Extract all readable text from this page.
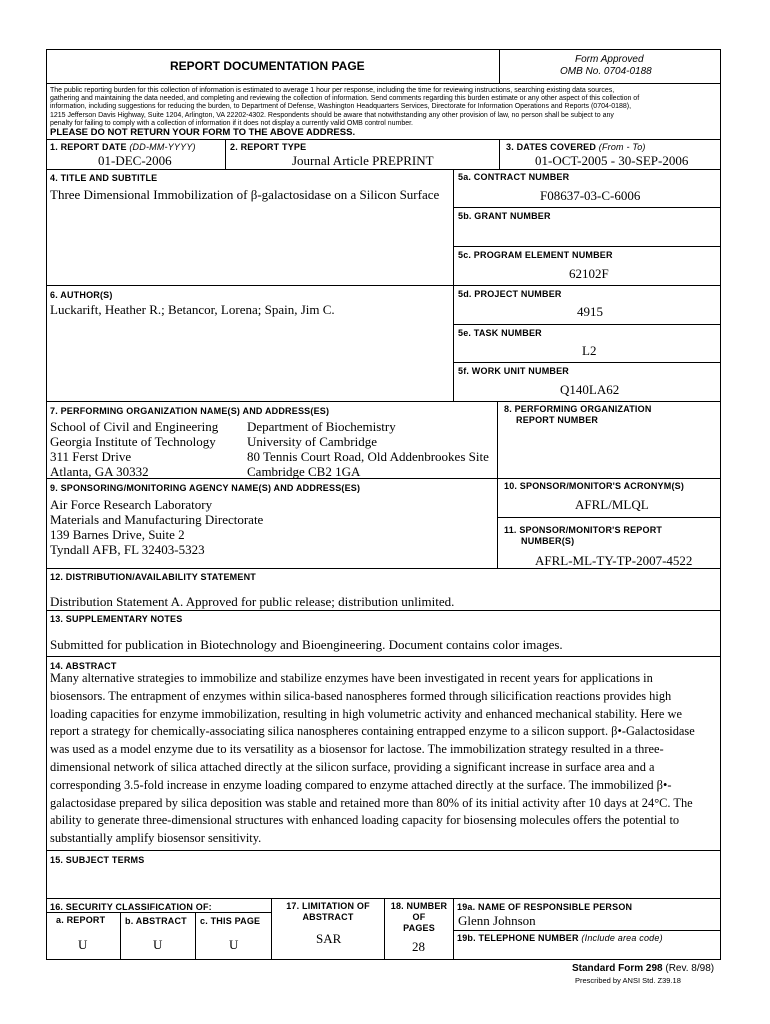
REPORT DOCUMENTATION PAGE	Form Approved
OMB No. 0704-0188
The public reporting burden for this collection of information is estimated to average 1 hour per response, including the time for reviewing instructions, searching existing data sources,
gathering and maintaining the data needed, and completing and reviewing the collection of information. Send comments regarding this burden estimate or any other aspect of this collection of
information, including suggestions for reducing the burden, to Department of Defense, Washington Headquarters Services, Directorate for Information Operations and Reports (0704-0188),
1215 Jefferson Davis Highway, Suite 1204, Arlington, VA 22202-4302. Respondents should be aware that notwithstanding any other provision of law, no person shall be subject to any
penalty for failing to comply with a collection of information if it does not display a currently valid OMB control number.
PLEASE DO NOT RETURN YOUR FORM TO THE ABOVE ADDRESS.
1. REPORT DATE (DD-MM-YYYY)
01-DEC-2006
2. REPORT TYPE
Journal Article PREPRINT
3. DATES COVERED (From - To)
01-OCT-2005 - 30-SEP-2006
4. TITLE AND SUBTITLE
Three Dimensional Immobilization of β-galactosidase on a Silicon Surface
6. AUTHOR(S)
Luckarift, Heather R.; Betancor, Lorena; Spain, Jim C.
5a. CONTRACT NUMBER
F08637-03-C-6006
5b. GRANT NUMBER
5c. PROGRAM ELEMENT NUMBER
62102F
5d. PROJECT NUMBER
4915
5e. TASK NUMBER
L2
5f. WORK UNIT NUMBER
Q140LA62
7. PERFORMING ORGANIZATION NAME(S) AND ADDRESS(ES)
School of Civil and Engineering
Georgia Institute of Technology
311 Ferst Drive
Atlanta, GA 30332
Department of Biochemistry
University of Cambridge
80 Tennis Court Road, Old Addenbrookes Site
Cambridge CB2 1GA
8. PERFORMING ORGANIZATION
REPORT NUMBER
9. SPONSORING/MONITORING AGENCY NAME(S) AND ADDRESS(ES)
Air Force Research Laboratory
Materials and Manufacturing Directorate
139 Barnes Drive, Suite 2
Tyndall AFB, FL 32403-5323
10. SPONSOR/MONITOR'S ACRONYM(S)
AFRL/MLQL
11. SPONSOR/MONITOR'S REPORT
NUMBER(S)
AFRL-ML-TY-TP-2007-4522
12. DISTRIBUTION/AVAILABILITY STATEMENT
Distribution Statement A. Approved for public release; distribution unlimited.
13. SUPPLEMENTARY NOTES
Submitted for publication in Biotechnology and Bioengineering. Document contains color images.
14. ABSTRACT
Many alternative strategies to immobilize and stabilize enzymes have been investigated in recent years for applications in
biosensors. The entrapment of enzymes within silica-based nanospheres formed through silicification reactions provides high
loading capacities for enzyme immobilization, resulting in high volumetric activity and enhanced mechanical stability. Here we
report a strategy for chemically-associating silica nanospheres containing entrapped enzyme to a silicon support. β•-Galactosidase
was used as a model enzyme due to its versatility as a biosensor for lactose. The immobilization strategy resulted in a three-
dimensional network of silica attached directly at the silicon surface, providing a significant increase in surface area and a
corresponding 3.5-fold increase in enzyme loading compared to enzyme attached directly at the surface. The immobilized β•-
galactosidase prepared by silica deposition was stable and retained more than 80% of its initial activity after 10 days at 24°C. The
ability to generate three-dimensional structures with enhanced loading capacity for biosensing molecules offers the potential to
substantially amplify biosensor sensitivity.
15. SUBJECT TERMS
16. SECURITY CLASSIFICATION OF:
a. REPORT b. ABSTRACT c. THIS PAGE
U	U	U
17. LIMITATION OF
ABSTRACT
SAR
18. NUMBER
OF
PAGES
28
19a. NAME OF RESPONSIBLE PERSON
Glenn Johnson
19b. TELEPHONE NUMBER (Include area code)
Standard Form 298 (Rev. 8/98)
Prescribed by ANSI Std. Z39.18
